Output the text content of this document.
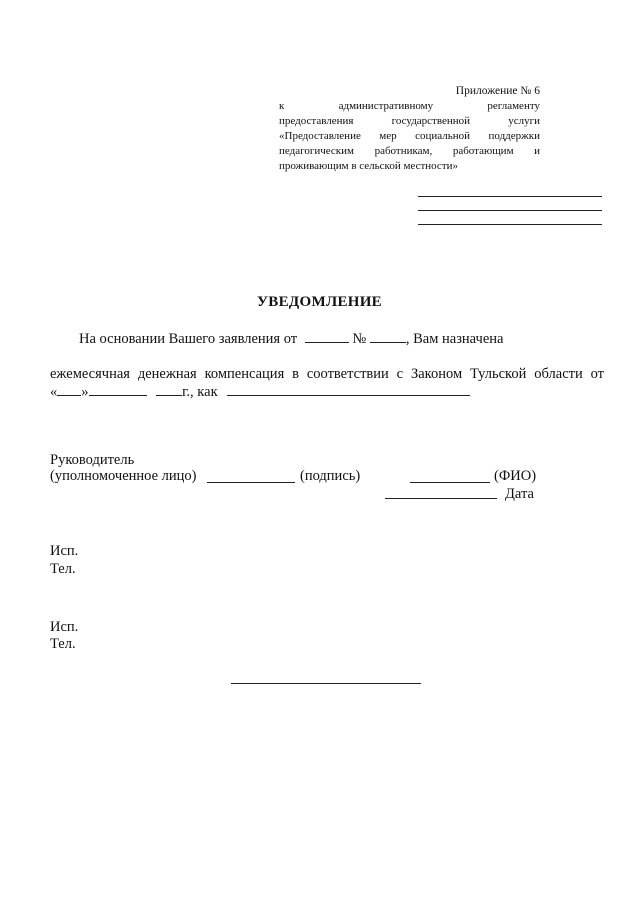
Приложение № 6
к административному регламенту
предоставления государственной услуги
«Предоставление мер социальной поддержки
педагогическим работникам, работающим и
проживающим в сельской местности»
УВЕДОМЛЕНИЕ
На основании Вашего заявления от	№	, Вам назначена
ежемесячная денежная компенсация в соответствии с Законом Тульской области от
« »	г., как
Руководитель
(уполномоченное лицо)	(подпись)	(ФИО)
Дата
Исп.
Тел.
Исп.
Тел.
